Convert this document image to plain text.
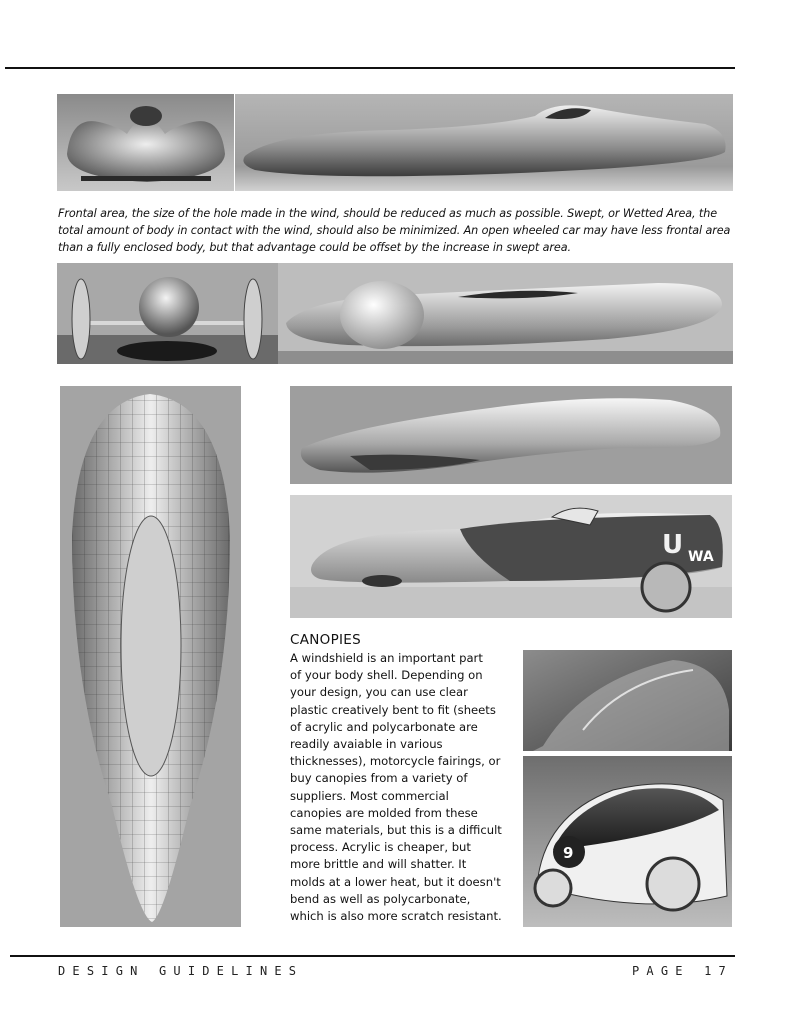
Frontal area, the size of the hole made in the wind, should be reduced as much as possible. Swept, or Wetted Area, the total amount of body in contact with the wind, should also be minimized. An open wheeled car may have less frontal area than a fully enclosed body, but that advantage could be offset by the increase in swept area.
U WA
CANOPIES
A windshield is an important part
of your body shell. Depending on
your design, you can use clear
plastic creatively bent to fit (sheets
of acrylic and polycarbonate are
readily avaiable in various
thicknesses), motorcycle fairings, or
buy canopies from a variety of
suppliers. Most commercial
canopies are molded from these
same materials, but this is a difficult
process. Acrylic is cheaper, but
more brittle and will shatter. It
molds at a lower heat, but it doesn't
bend as well as polycarbonate,
which is also more scratch resistant.
9
DESIGN GUIDELINES	PAGE 17
